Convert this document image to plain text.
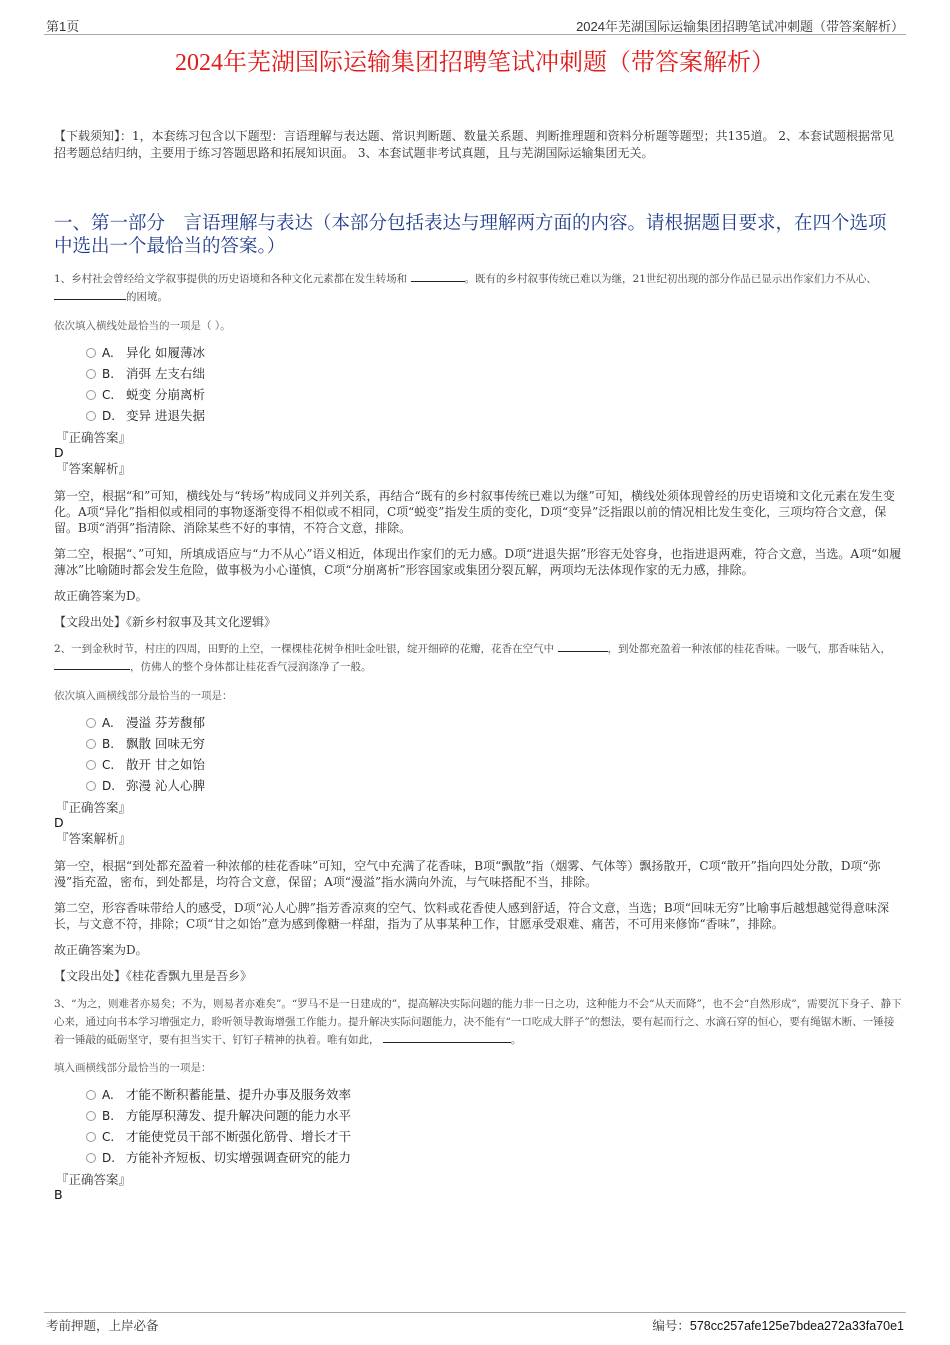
第1页	2024年芜湖国际运输集团招聘笔试冲刺题（带答案解析）
2024年芜湖国际运输集团招聘笔试冲刺题（带答案解析）
【下载须知】：1，本套练习包含以下题型：言语理解与表达题、常识判断题、数量关系题、判断推理题和资料分析题等题型；共135道。 2、本套试题根据常见招考题总结归纳，主要用于练习答题思路和拓展知识面。 3、本套试题非考试真题，且与芜湖国际运输集团无关。
一、第一部分　言语理解与表达（本部分包括表达与理解两方面的内容。请根据题目要求，在四个选项中选出一个最恰当的答案。）
1、乡村社会曾经给文学叙事提供的历史语境和各种文化元素都在发生转场和	。既有的乡村叙事传统已难以为继，21世纪初出现的部分作品已显示出作家们力不从心、
的困境。
依次填入横线处最恰当的一项是（ ）。
A. 异化 如履薄冰
B. 消弭 左支右绌
C. 蜕变 分崩离析
D. 变异 进退失据
『正确答案』
D
『答案解析』
第一空，根据“和”可知，横线处与“转场”构成同义并列关系，再结合“既有的乡村叙事传统已难以为继”可知，横线处须体现曾经的历史语境和文化元素在发生变化。A项“异化”指相似或相同的事物逐渐变得不相似或不相同，C项“蜕变”指发生质的变化，D项“变异”泛指跟以前的情况相比发生变化，三项均符合文意，保留。B项“消弭”指清除、消除某些不好的事情，不符合文意，排除。
第二空，根据“、”可知，所填成语应与“力不从心”语义相近，体现出作家们的无力感。D项“进退失据”形容无处容身，也指进退两难，符合文意，当选。A项“如履薄冰”比喻随时都会发生危险，做事极为小心谨慎，C项“分崩离析”形容国家或集团分裂瓦解，两项均无法体现作家的无力感，排除。
故正确答案为D。
【文段出处】《新乡村叙事及其文化逻辑》
2、一到金秋时节，村庄的四周，田野的上空，一棵棵桂花树争相吐金吐银，绽开细碎的花瓣，花香在空气中	，到处都充盈着一种浓郁的桂花香味。一吸气，那香味钻入，
，仿佛人的整个身体都让桂花香气浸润涤净了一般。
依次填入画横线部分最恰当的一项是：
A. 漫溢 芬芳馥郁
B. 飘散 回味无穷
C. 散开 甘之如饴
D. 弥漫 沁人心脾
『正确答案』
D
『答案解析』
第一空，根据“到处都充盈着一种浓郁的桂花香味”可知，空气中充满了花香味，B项“飘散”指（烟雾、气体等）飘扬散开，C项“散开”指向四处分散，D项“弥漫”指充盈，密布，到处都是，均符合文意，保留；A项“漫溢”指水满向外流，与气味搭配不当，排除。
第二空，形容香味带给人的感受，D项“沁人心脾”指芳香凉爽的空气、饮料或花香使人感到舒适，符合文意，当选；B项“回味无穷”比喻事后越想越觉得意味深长，与文意不符，排除；C项“甘之如饴”意为感到像糖一样甜，指为了从事某种工作，甘愿承受艰难、痛苦，不可用来修饰“香味”，排除。
故正确答案为D。
【文段出处】《桂花香飘九里是吾乡》
3、“为之，则难者亦易矣；不为，则易者亦难矣”。“罗马不是一日建成的”，提高解决实际问题的能力非一日之功，这种能力不会“从天而降”，也不会“自然形成”，需要沉下身子、静下心来，通过向书本学习增强定力，聆听领导教诲增强工作能力。提升解决实际问题能力，决不能有“一口吃成大胖子”的想法，要有起而行之、水滴石穿的恒心，要有绳锯木断、一锤接着一锤敲的砥砺坚守，要有担当实干、钉钉子精神的执着。唯有如此，	。
填入画横线部分最恰当的一项是：
A. 才能不断积蓄能量、提升办事及服务效率
B. 方能厚积薄发、提升解决问题的能力水平
C. 才能使党员干部不断强化筋骨、增长才干
D. 方能补齐短板、切实增强调查研究的能力
『正确答案』
B
考前押题，上岸必备	编号：578cc257afe125e7bdea272a33fa70e1
